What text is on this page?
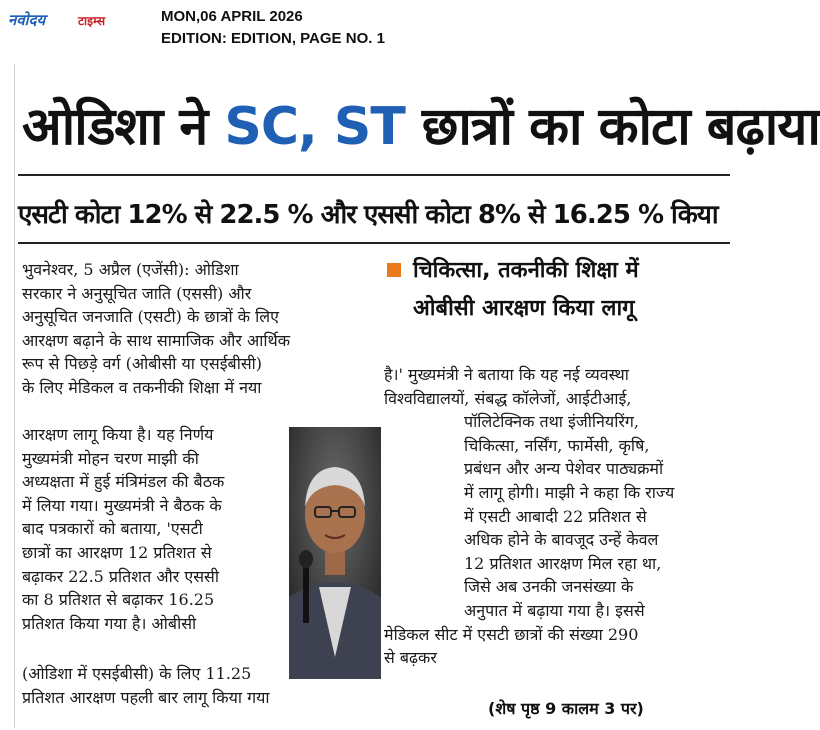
नवोदय	टाइम्स	MON,06 APRIL 2026
EDITION: EDITION, PAGE NO. 1
ओडिशा ने SC, ST छात्रों का कोटा बढ़ाया
एसटी कोटा 12% से 22.5 % और एससी कोटा 8% से 16.25 % किया
भुवनेश्वर, 5 अप्रैल (एजेंसी): ओडिशा
सरकार ने अनुसूचित जाति (एससी) और
अनुसूचित जनजाति (एसटी) के छात्रों के लिए
आरक्षण बढ़ाने के साथ सामाजिक और आर्थिक
रूप से पिछड़े वर्ग (ओबीसी या एसईबीसी)
के लिए मेडिकल व तकनीकी शिक्षा में नया
आरक्षण लागू किया है। यह निर्णय
मुख्यमंत्री मोहन चरण माझी की
अध्यक्षता में हुई मंत्रिमंडल की बैठक
में लिया गया। मुख्यमंत्री ने बैठक के
बाद पत्रकारों को बताया, 'एसटी
छात्रों का आरक्षण 12 प्रतिशत से
बढ़ाकर 22.5 प्रतिशत और एससी
का 8 प्रतिशत से बढ़ाकर 16.25
प्रतिशत किया गया है। ओबीसी
(ओडिशा में एसईबीसी) के लिए 11.25
प्रतिशत आरक्षण पहली बार लागू किया गया
चिकित्सा, तकनीकी शिक्षा में
ओबीसी आरक्षण किया लागू
है।' मुख्यमंत्री ने बताया कि यह नई व्यवस्था
विश्वविद्यालयों, संबद्ध कॉलेजों, आईटीआई,
पॉलिटेक्निक तथा इंजीनियरिंग,
चिकित्सा, नर्सिंग, फार्मेसी, कृषि,
प्रबंधन और अन्य पेशेवर पाठ्यक्रमों
में लागू होगी। माझी ने कहा कि राज्य
में एसटी आबादी 22 प्रतिशत से
अधिक होने के बावजूद उन्हें केवल
12 प्रतिशत आरक्षण मिल रहा था,
जिसे अब उनकी जनसंख्या के
अनुपात में बढ़ाया गया है। इससे
मेडिकल सीट में एसटी छात्रों की संख्या 290
से बढ़कर
(शेष पृष्ठ 9 कालम 3 पर)
